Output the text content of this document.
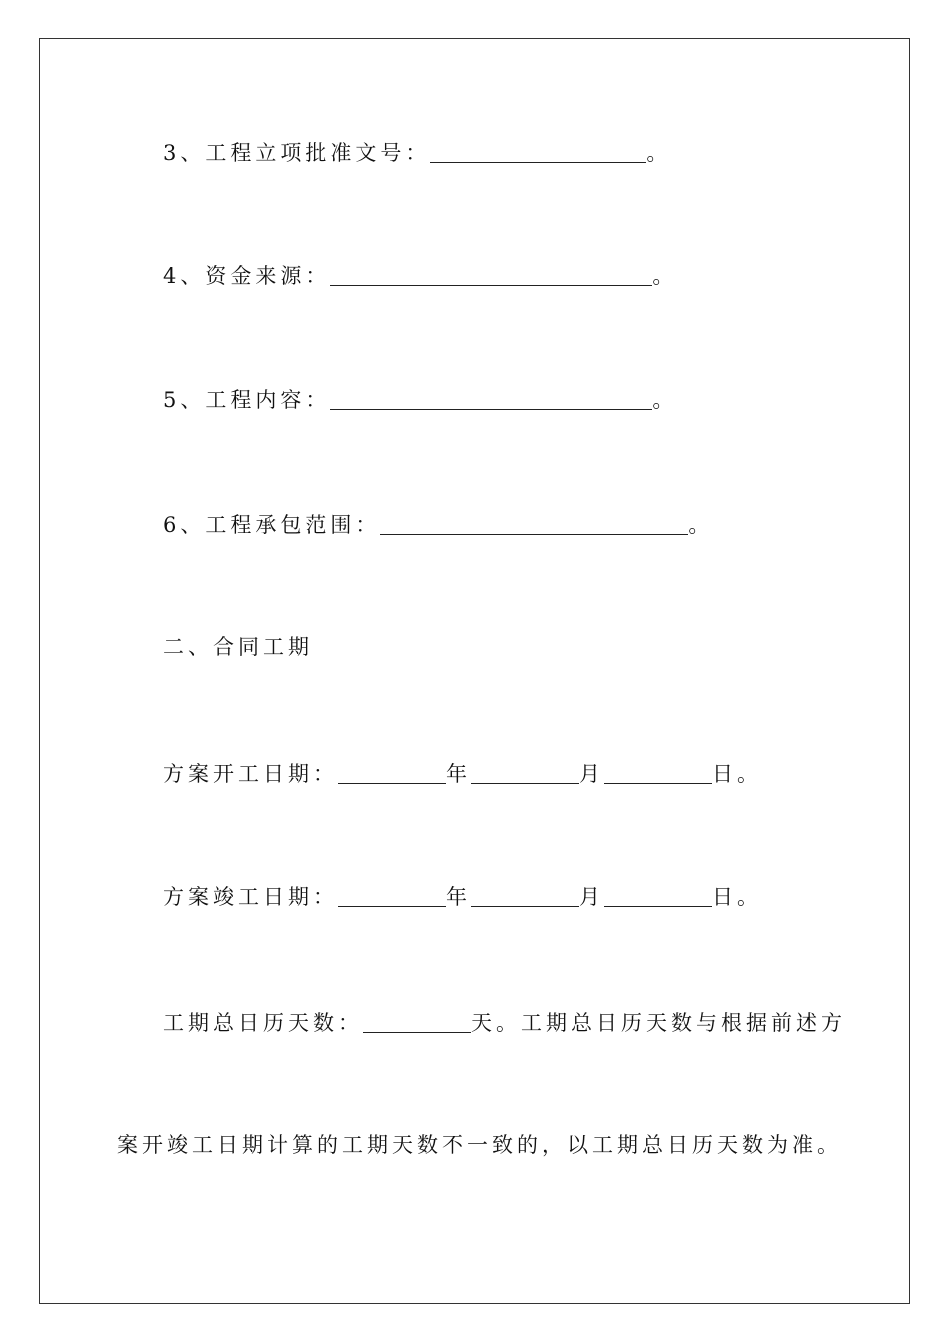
3、工程立项批准文号：	。
4、资金来源：	。
5、工程内容：	。
6、工程承包范围：	。
二、合同工期
方案开工日期：	年	月	日。
方案竣工日期：	年	月	日。
工期总日历天数：	天。工期总日历天数与根据前述方
案开竣工日期计算的工期天数不一致的，以工期总日历天数为准。
